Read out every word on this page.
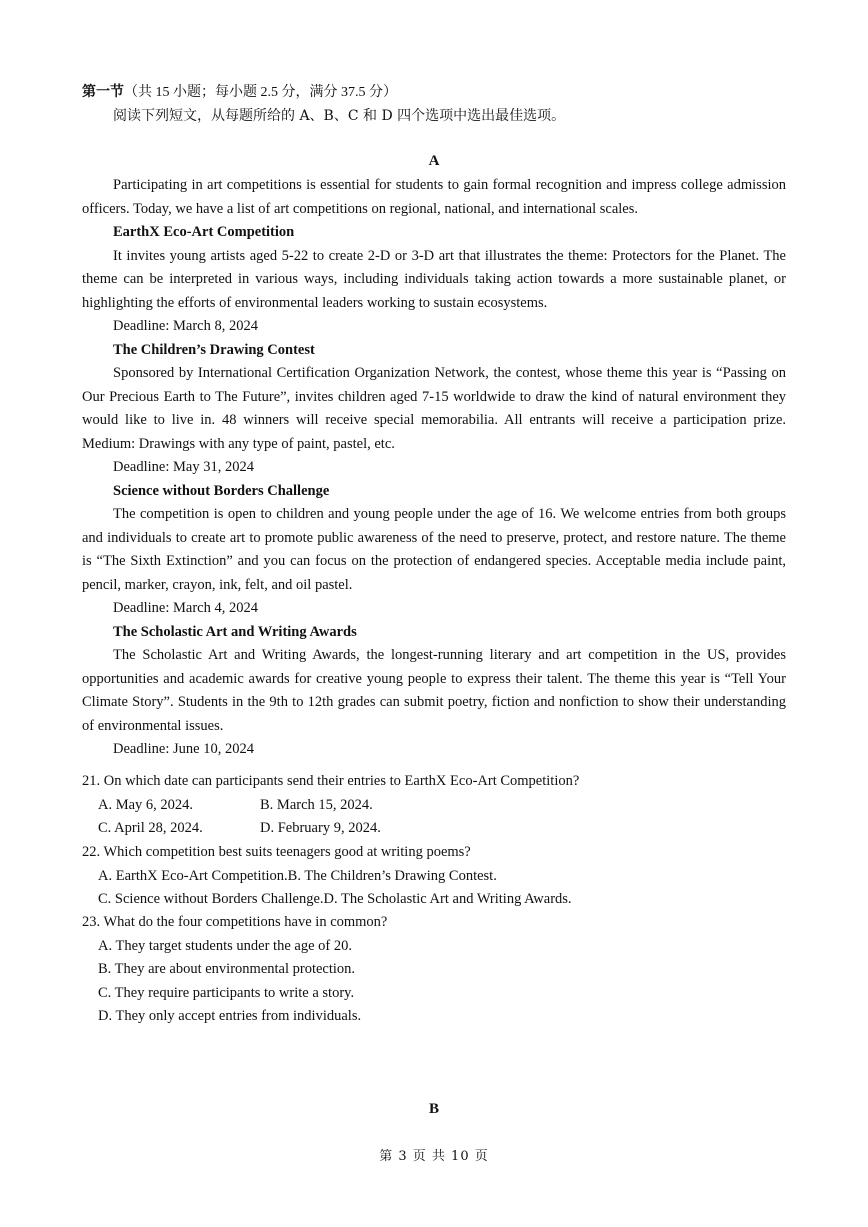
第一节（共 15 小题；每小题 2.5 分，满分 37.5 分）
阅读下列短文，从每题所给的 A、B、C 和 D 四个选项中选出最佳选项。
A

Participating in art competitions is essential for students to gain formal recognition and impress college admission officers. Today, we have a list of art competitions on regional, national, and international scales.

EarthX Eco-Art Competition

It invites young artists aged 5-22 to create 2-D or 3-D art that illustrates the theme: Protectors for the Planet. The theme can be interpreted in various ways, including individuals taking action towards a more sustainable planet, or highlighting the efforts of environmental leaders working to sustain ecosystems.

Deadline: March 8, 2024

The Children’s Drawing Contest

Sponsored by International Certification Organization Network, the contest, whose theme this year is “Passing on Our Precious Earth to The Future”, invites children aged 7-15 worldwide to draw the kind of natural environment they would like to live in. 48 winners will receive special memorabilia. All entrants will receive a participation prize. Medium: Drawings with any type of paint, pastel, etc.

Deadline: May 31, 2024

Science without Borders Challenge

The competition is open to children and young people under the age of 16. We welcome entries from both groups and individuals to create art to promote public awareness of the need to preserve, protect, and restore nature. The theme is “The Sixth Extinction” and you can focus on the protection of endangered species. Acceptable media include paint, pencil, marker, crayon, ink, felt, and oil pastel.

Deadline: March 4, 2024

The Scholastic Art and Writing Awards

The Scholastic Art and Writing Awards, the longest-running literary and art competition in the US, provides opportunities and academic awards for creative young people to express their talent. The theme this year is “Tell Your Climate Story”. Students in the 9th to 12th grades can submit poetry, fiction and nonfiction to show their understanding of environmental issues.

Deadline: June 10, 2024

21. On which date can participants send their entries to EarthX Eco-Art Competition?

A. May 6, 2024.	B. March 15, 2024.
C. April 28, 2024.	D. February 9, 2024.

22. Which competition best suits teenagers good at writing poems?

A. EarthX Eco-Art Competition.B. The Children’s Drawing Contest.
C. Science without Borders Challenge.D. The Scholastic Art and Writing Awards.

23. What do the four competitions have in common?

A. They target students under the age of 20.
B. They are about environmental protection.
C. They require participants to write a story.
D. They only accept entries from individuals.
B
第 3 页 共 10 页
